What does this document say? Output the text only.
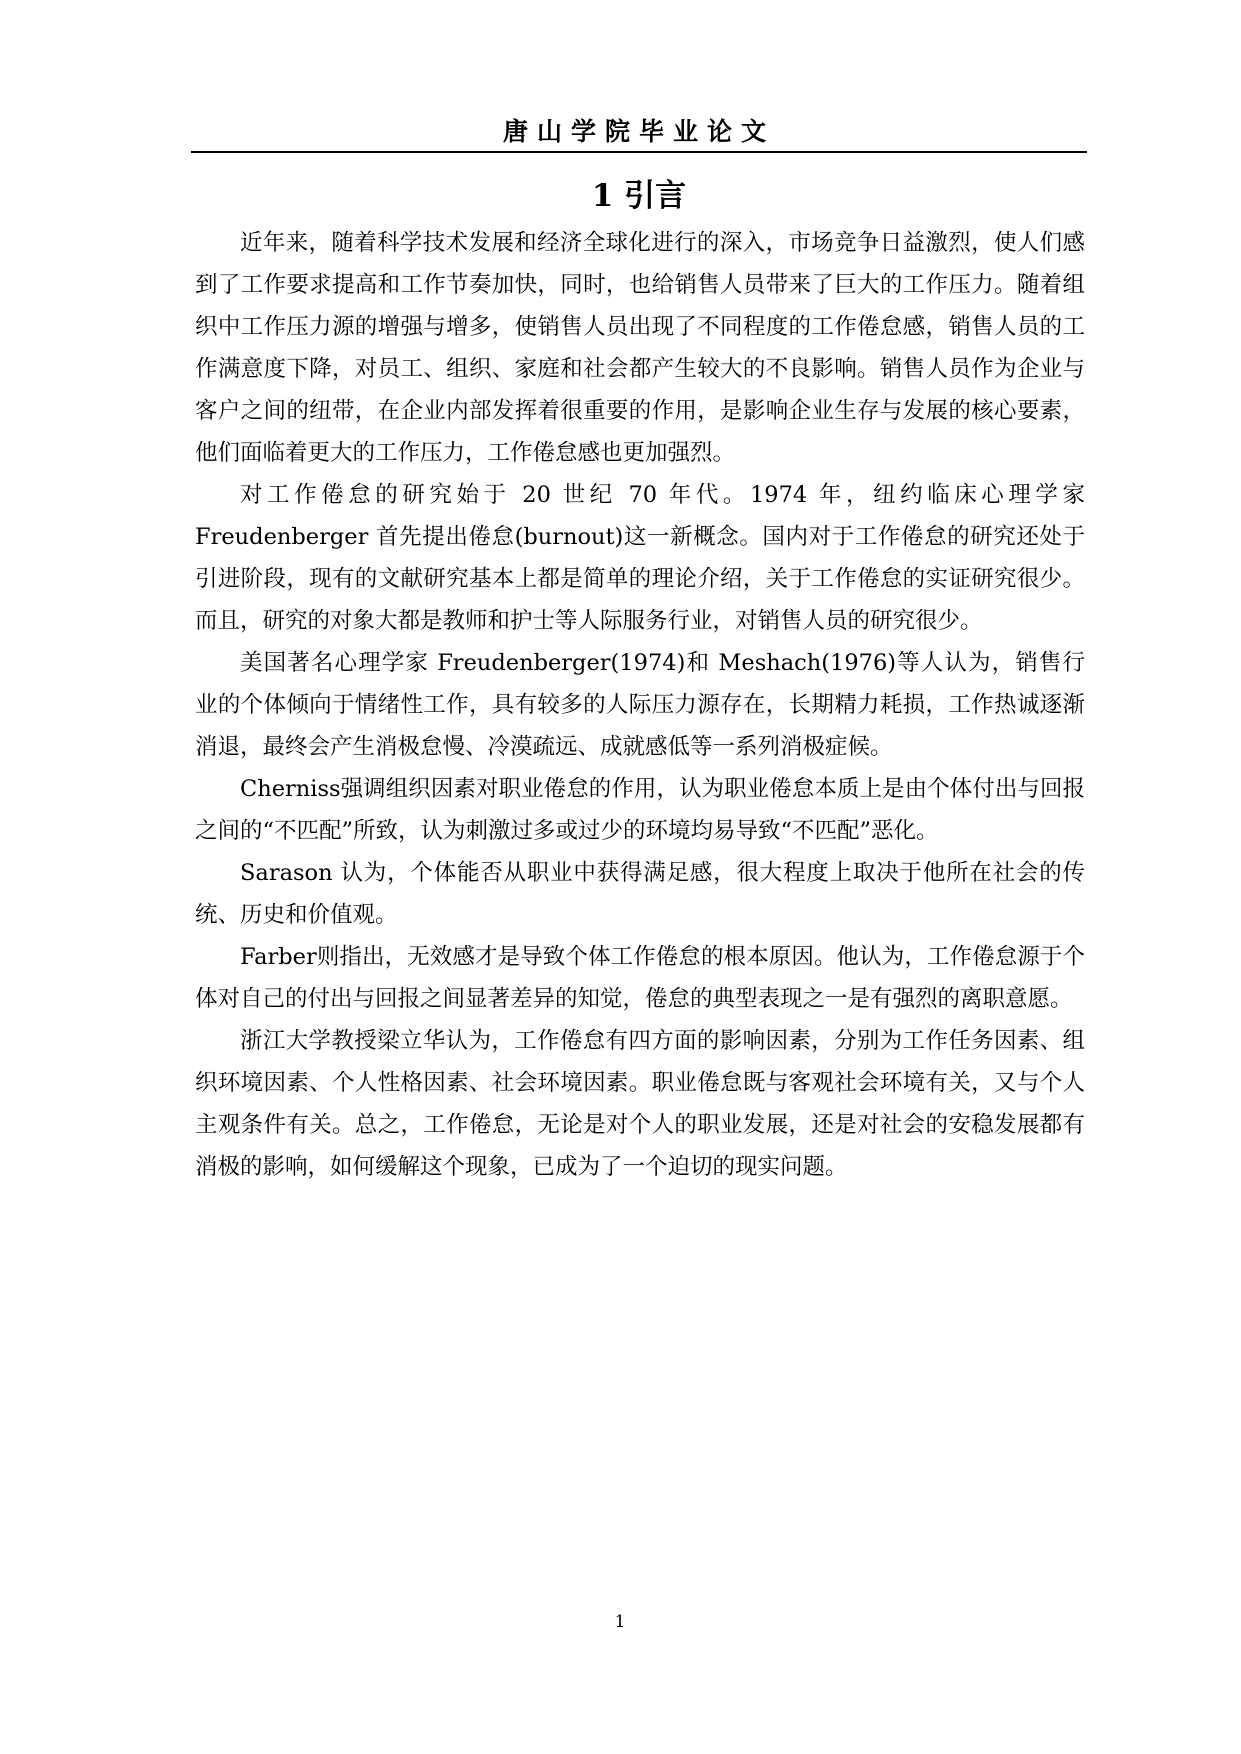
唐山学院毕业论文
1 引言

近年来，随着科学技术发展和经济全球化进行的深入，市场竞争日益激烈，使人们感到了工作要求提高和工作节奏加快，同时，也给销售人员带来了巨大的工作压力。随着组织中工作压力源的增强与增多，使销售人员出现了不同程度的工作倦怠感，销售人员的工作满意度下降，对员工、组织、家庭和社会都产生较大的不良影响。销售人员作为企业与客户之间的纽带，在企业内部发挥着很重要的作用，是影响企业生存与发展的核心要素，他们面临着更大的工作压力，工作倦怠感也更加强烈。

对工作倦怠的研究始于 20 世纪 70 年代。1974 年，纽约临床心理学家 Freudenberger 首先提出倦怠(burnout)这一新概念。国内对于工作倦怠的研究还处于引进阶段，现有的文献研究基本上都是简单的理论介绍，关于工作倦怠的实证研究很少。而且，研究的对象大都是教师和护士等人际服务行业，对销售人员的研究很少。

美国著名心理学家 Freudenberger(1974)和 Meshach(1976)等人认为，销售行业的个体倾向于情绪性工作，具有较多的人际压力源存在，长期精力耗损，工作热诚逐渐消退，最终会产生消极怠慢、冷漠疏远、成就感低等一系列消极症候。

Cherniss强调组织因素对职业倦怠的作用，认为职业倦怠本质上是由个体付出与回报之间的“不匹配”所致，认为刺激过多或过少的环境均易导致“不匹配”恶化。

Sarason 认为，个体能否从职业中获得满足感，很大程度上取决于他所在社会的传统、历史和价值观。

Farber则指出，无效感才是导致个体工作倦怠的根本原因。他认为，工作倦怠源于个体对自己的付出与回报之间显著差异的知觉，倦怠的典型表现之一是有强烈的离职意愿。

浙江大学教授梁立华认为，工作倦怠有四方面的影响因素，分别为工作任务因素、组织环境因素、个人性格因素、社会环境因素。职业倦怠既与客观社会环境有关，又与个人主观条件有关。总之，工作倦怠，无论是对个人的职业发展，还是对社会的安稳发展都有消极的影响，如何缓解这个现象，已成为了一个迫切的现实问题。

1
